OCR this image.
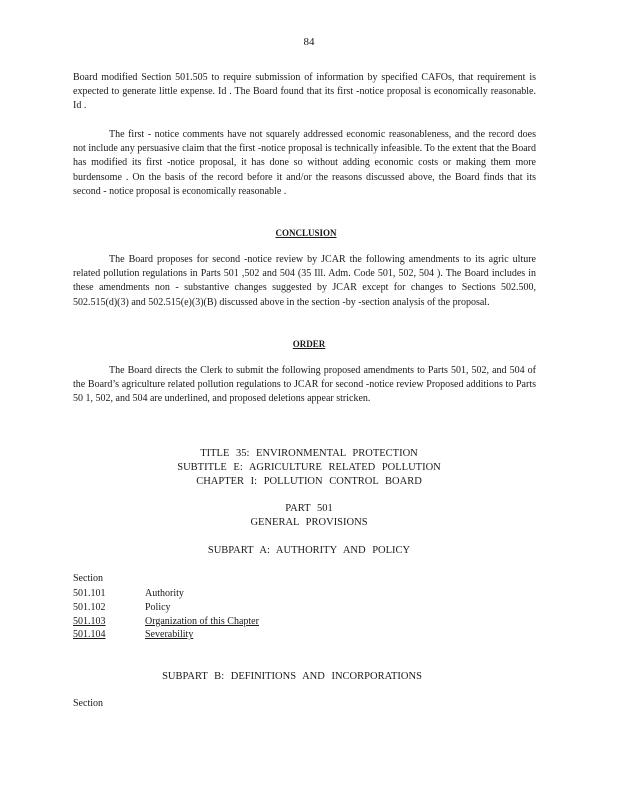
84
Board modified Section 501.505 to require submission of information by specified CAFOs, that requirement is expected to generate little expense. Id . The Board found that its first -notice proposal is economically reasonable. Id .
The first - notice comments have not squarely addressed economic reasonableness, and the record does not include any persuasive claim that the first -notice proposal is technically infeasible. To the extent that the Board has modified its first -notice proposal, it has done so without adding economic costs or making them more burdensome . On the basis of the record before it and/or the reasons discussed above, the Board finds that its second - notice proposal is economically reasonable .
CONCLUSION
The Board proposes for second -notice review by JCAR the following amendments to its agric ulture related pollution regulations in Parts 501 ,502 and 504 (35 Ill. Adm. Code 501, 502, 504 ). The Board includes in these amendments non - substantive changes suggested by JCAR except for changes to Sections 502.500, 502.515(d)(3) and 502.515(e)(3)(B) discussed above in the section -by -section analysis of the proposal.
ORDER
The Board directs the Clerk to submit the following proposed amendments to Parts 501, 502, and 504 of the Board’s agriculture related pollution regulations to JCAR for second -notice review Proposed additions to Parts 50 1, 502, and 504 are underlined, and proposed deletions appear stricken.
TITLE 35: ENVIRONMENTAL PROTECTION
SUBTITLE E: AGRICULTURE RELATED POLLUTION
CHAPTER I: POLLUTION CONTROL BOARD
PART 501
GENERAL PROVISIONS
SUBPART A: AUTHORITY AND POLICY
Section
501.101	Authority
501.102	Policy
501.103	Organization of this Chapter
501.104	Severability
SUBPART B: DEFINITIONS AND INCORPORATIONS
Section
